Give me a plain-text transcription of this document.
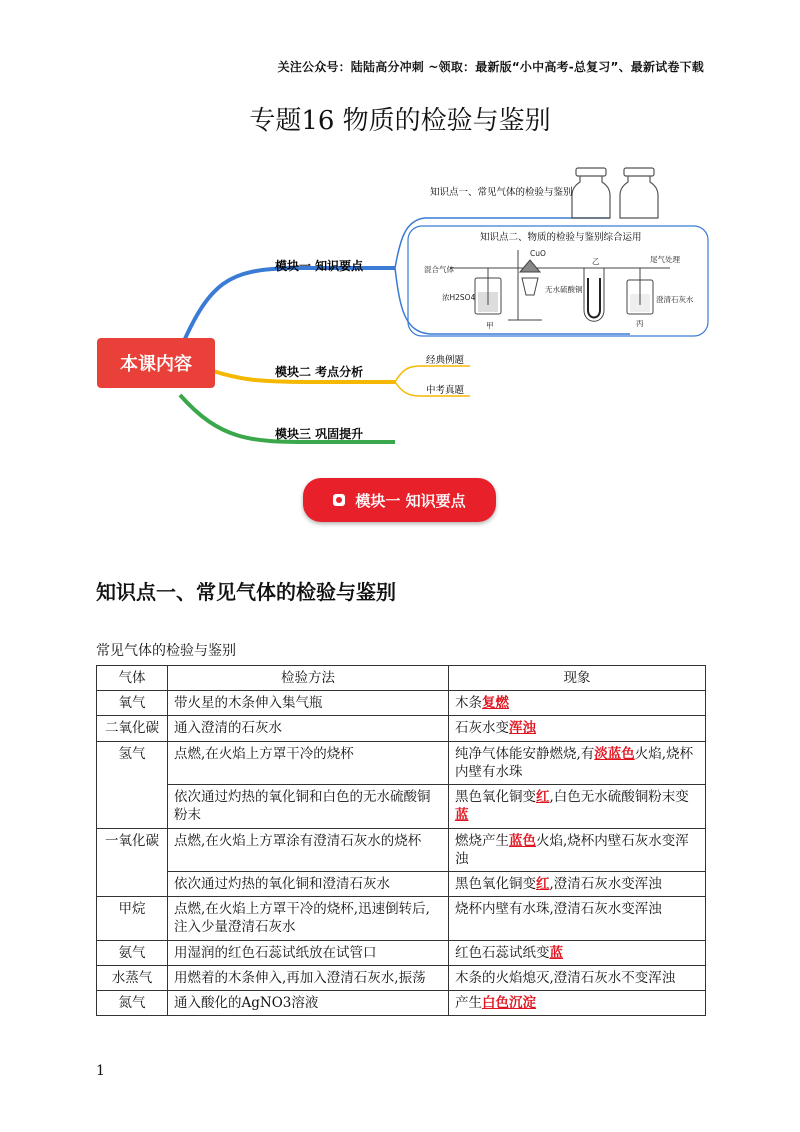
关注公众号：陆陆高分冲刺 ~领取：最新版“小中高考-总复习”、最新试卷下载
专题16 物质的检验与鉴别
本课内容
模块一 知识要点
模块二 考点分析
模块三 巩固提升
知识点一、常见气体的检验与鉴别
知识点二、物质的检验与鉴别综合运用
混合气体
CuO
浓H2SO4
无水硫酸铜
澄清石灰水
尾气处理
甲
乙
丙
经典例题
中考真题
模块一 知识要点
知识点一、常见气体的检验与鉴别
常见气体的检验与鉴别
气体	检验方法	现象
氧气	带火星的木条伸入集气瓶	木条复燃
二氧化碳	通入澄清的石灰水	石灰水变浑浊
氢气	点燃,在火焰上方罩干冷的烧杯	纯净气体能安静燃烧,有淡蓝色火焰,烧杯内壁有水珠
	依次通过灼热的氧化铜和白色的无水硫酸铜粉末	黑色氧化铜变红,白色无水硫酸铜粉末变蓝
一氧化碳	点燃,在火焰上方罩涂有澄清石灰水的烧杯	燃烧产生蓝色火焰,烧杯内壁石灰水变浑浊
	依次通过灼热的氧化铜和澄清石灰水	黑色氧化铜变红,澄清石灰水变浑浊
甲烷	点燃,在火焰上方罩干冷的烧杯,迅速倒转后,注入少量澄清石灰水	烧杯内壁有水珠,澄清石灰水变浑浊
氨气	用湿润的红色石蕊试纸放在试管口	红色石蕊试纸变蓝
水蒸气	用燃着的木条伸入,再加入澄清石灰水,振荡	木条的火焰熄灭,澄清石灰水不变浑浊
氮气	通入酸化的AgNO3溶液	产生白色沉淀
1
